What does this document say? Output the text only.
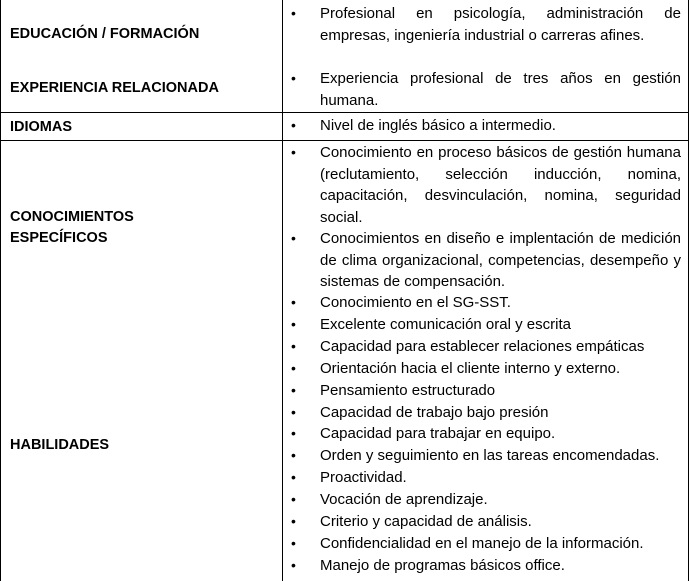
EDUCACIÓN / FORMACIÓN
EXPERIENCIA RELACIONADA
IDIOMAS
CONOCIMIENTOS
ESPECÍFICOS
HABILIDADES
• Profesional en psicología, administración de empresas, ingeniería industrial o carreras afines.
• Experiencia profesional de tres años en gestión humana.
• Nivel de inglés básico a intermedio.
• Conocimiento en proceso básicos de gestión humana (reclutamiento, selección inducción, nomina, capacitación, desvinculación, nomina, seguridad social.
• Conocimientos en diseño e implentación de medición de clima organizacional, competencias, desempeño y sistemas de compensación.
• Conocimiento en el SG-SST.
• Excelente comunicación oral y escrita
• Capacidad para establecer relaciones empáticas
• Orientación hacia el cliente interno y externo.
• Pensamiento estructurado
• Capacidad de trabajo bajo presión
• Capacidad para trabajar en equipo.
• Orden y seguimiento en las tareas encomendadas.
• Proactividad.
• Vocación de aprendizaje.
• Criterio y capacidad de análisis.
• Confidencialidad en el manejo de la información.
• Manejo de programas básicos office.
